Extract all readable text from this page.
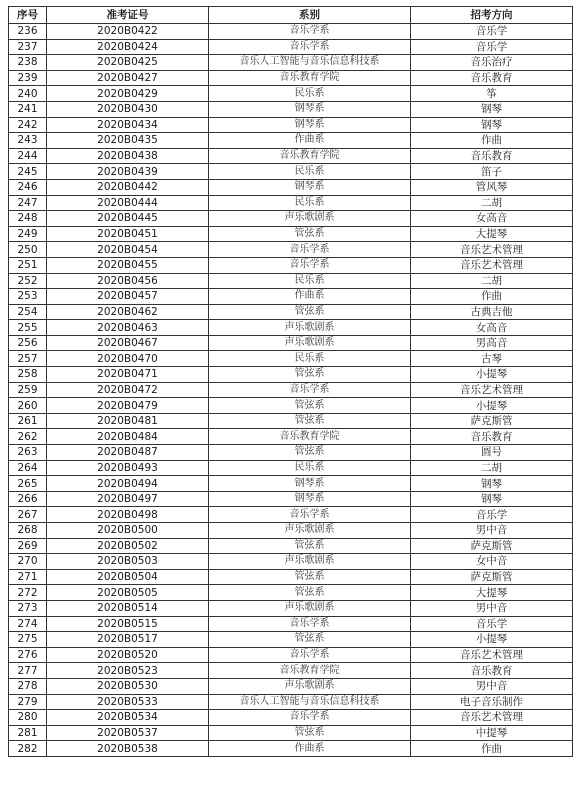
序号	准考证号	系别	招考方向
236	2020B0422	音乐学系	音乐学
237	2020B0424	音乐学系	音乐学
238	2020B0425	音乐人工智能与音乐信息科技系	音乐治疗
239	2020B0427	音乐教育学院	音乐教育
240	2020B0429	民乐系	筝
241	2020B0430	钢琴系	钢琴
242	2020B0434	钢琴系	钢琴
243	2020B0435	作曲系	作曲
244	2020B0438	音乐教育学院	音乐教育
245	2020B0439	民乐系	笛子
246	2020B0442	钢琴系	管风琴
247	2020B0444	民乐系	二胡
248	2020B0445	声乐歌剧系	女高音
249	2020B0451	管弦系	大提琴
250	2020B0454	音乐学系	音乐艺术管理
251	2020B0455	音乐学系	音乐艺术管理
252	2020B0456	民乐系	二胡
253	2020B0457	作曲系	作曲
254	2020B0462	管弦系	古典吉他
255	2020B0463	声乐歌剧系	女高音
256	2020B0467	声乐歌剧系	男高音
257	2020B0470	民乐系	古琴
258	2020B0471	管弦系	小提琴
259	2020B0472	音乐学系	音乐艺术管理
260	2020B0479	管弦系	小提琴
261	2020B0481	管弦系	萨克斯管
262	2020B0484	音乐教育学院	音乐教育
263	2020B0487	管弦系	圆号
264	2020B0493	民乐系	二胡
265	2020B0494	钢琴系	钢琴
266	2020B0497	钢琴系	钢琴
267	2020B0498	音乐学系	音乐学
268	2020B0500	声乐歌剧系	男中音
269	2020B0502	管弦系	萨克斯管
270	2020B0503	声乐歌剧系	女中音
271	2020B0504	管弦系	萨克斯管
272	2020B0505	管弦系	大提琴
273	2020B0514	声乐歌剧系	男中音
274	2020B0515	音乐学系	音乐学
275	2020B0517	管弦系	小提琴
276	2020B0520	音乐学系	音乐艺术管理
277	2020B0523	音乐教育学院	音乐教育
278	2020B0530	声乐歌剧系	男中音
279	2020B0533	音乐人工智能与音乐信息科技系	电子音乐制作
280	2020B0534	音乐学系	音乐艺术管理
281	2020B0537	管弦系	中提琴
282	2020B0538	作曲系	作曲
